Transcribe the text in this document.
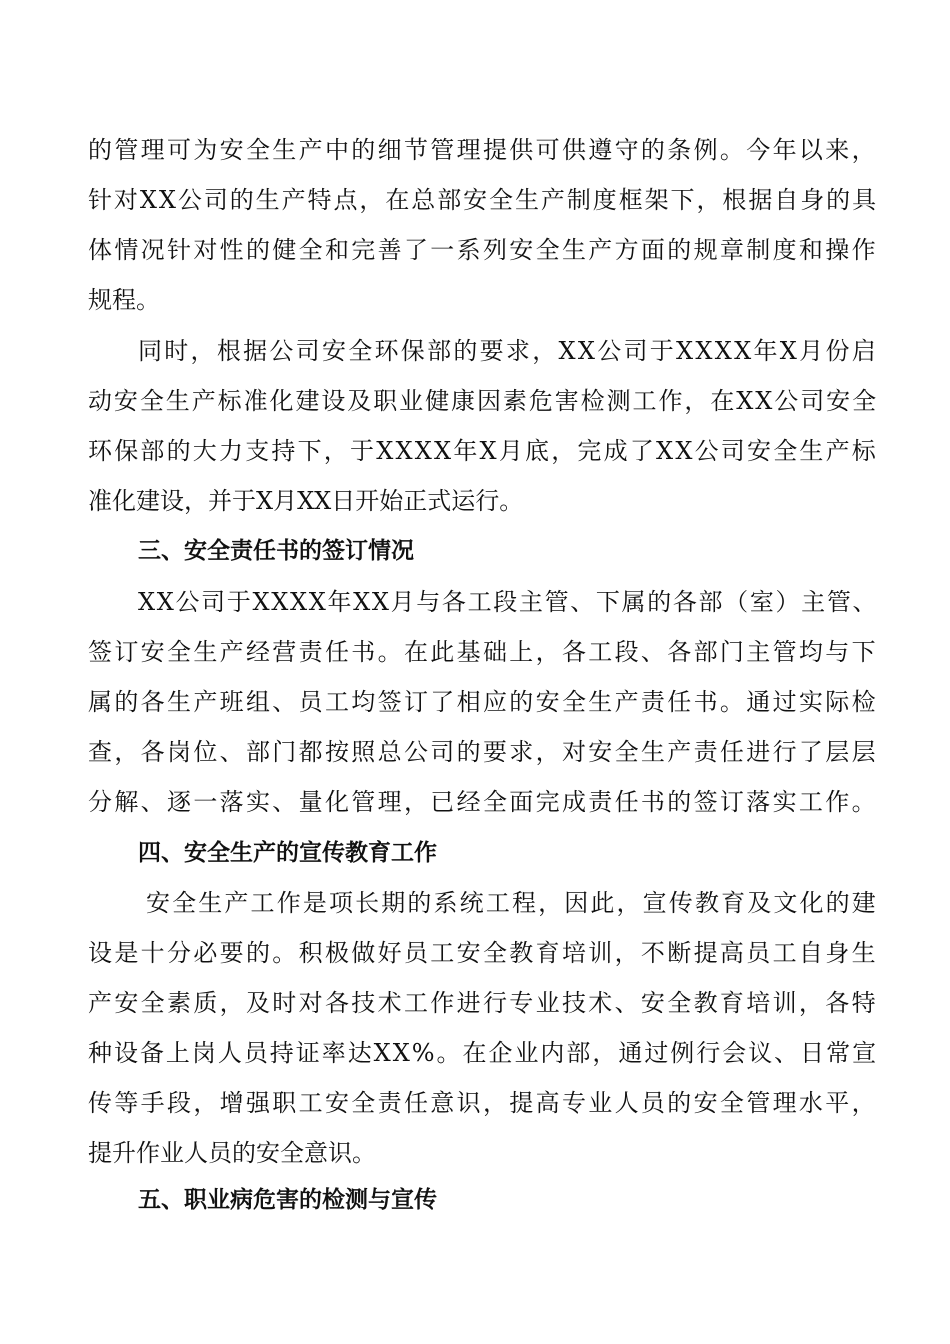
的管理可为安全生产中的细节管理提供可供遵守的条例。今年以来，
针对XX公司的生产特点，在总部安全生产制度框架下，根据自身的具
体情况针对性的健全和完善了一系列安全生产方面的规章制度和操作
规程。
同时，根据公司安全环保部的要求，XX公司于XXXX年X月份启
动安全生产标准化建设及职业健康因素危害检测工作，在XX公司安全
环保部的大力支持下，于XXXX年X月底，完成了XX公司安全生产标
准化建设，并于X月XX日开始正式运行。
三、安全责任书的签订情况
XX公司于XXXX年XX月与各工段主管、下属的各部（室）主管、
签订安全生产经营责任书。在此基础上，各工段、各部门主管均与下
属的各生产班组、员工均签订了相应的安全生产责任书。通过实际检
查，各岗位、部门都按照总公司的要求，对安全生产责任进行了层层
分解、逐一落实、量化管理，已经全面完成责任书的签订落实工作。
四、安全生产的宣传教育工作
安全生产工作是项长期的系统工程，因此，宣传教育及文化的建
设是十分必要的。积极做好员工安全教育培训，不断提高员工自身生
产安全素质，及时对各技术工作进行专业技术、安全教育培训，各特
种设备上岗人员持证率达XX%。在企业内部，通过例行会议、日常宣
传等手段，增强职工安全责任意识，提高专业人员的安全管理水平，
提升作业人员的安全意识。
五、职业病危害的检测与宣传
